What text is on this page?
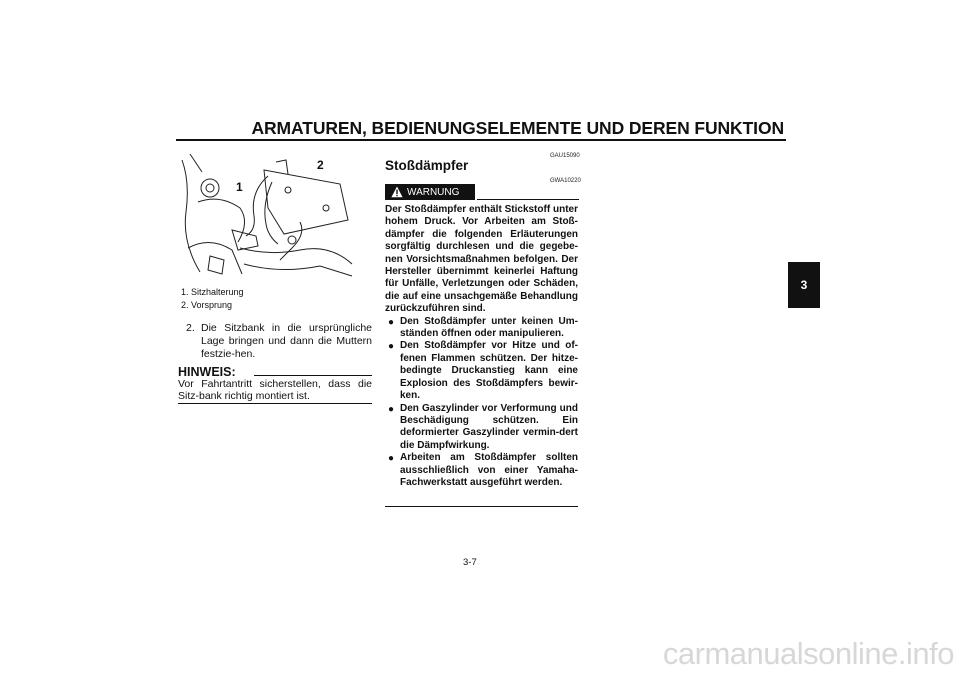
ARMATUREN, BEDIENUNGSELEMENTE UND DEREN FUNKTION
1
2
1. Sitzhalterung
2. Vorsprung
2. Die Sitzbank in die ursprüngliche Lage bringen und dann die Muttern festzie-hen.
HINWEIS:
Vor Fahrtantritt sicherstellen, dass die Sitz-bank richtig montiert ist.
GAU15090
Stoßdämpfer
GWA10220
WARNUNG
Der Stoßdämpfer enthält Stickstoff unter hohem Druck. Vor Arbeiten am Stoß-dämpfer die folgenden Erläuterungen sorgfältig durchlesen und die gegebe-nen Vorsichtsmaßnahmen befolgen. Der Hersteller übernimmt keinerlei Haftung für Unfälle, Verletzungen oder Schäden, die auf eine unsachgemäße Behandlung zurückzuführen sind.
● Den Stoßdämpfer unter keinen Um-ständen öffnen oder manipulieren.
● Den Stoßdämpfer vor Hitze und of-fenen Flammen schützen. Der hitze-bedingte Druckanstieg kann eine Explosion des Stoßdämpfers bewir-ken.
● Den Gaszylinder vor Verformung und Beschädigung schützen. Ein deformierter Gaszylinder vermin-dert die Dämpfwirkung.
● Arbeiten am Stoßdämpfer sollten ausschließlich von einer Yamaha-Fachwerkstatt ausgeführt werden.
3-7
3
carmanualsonline.info
